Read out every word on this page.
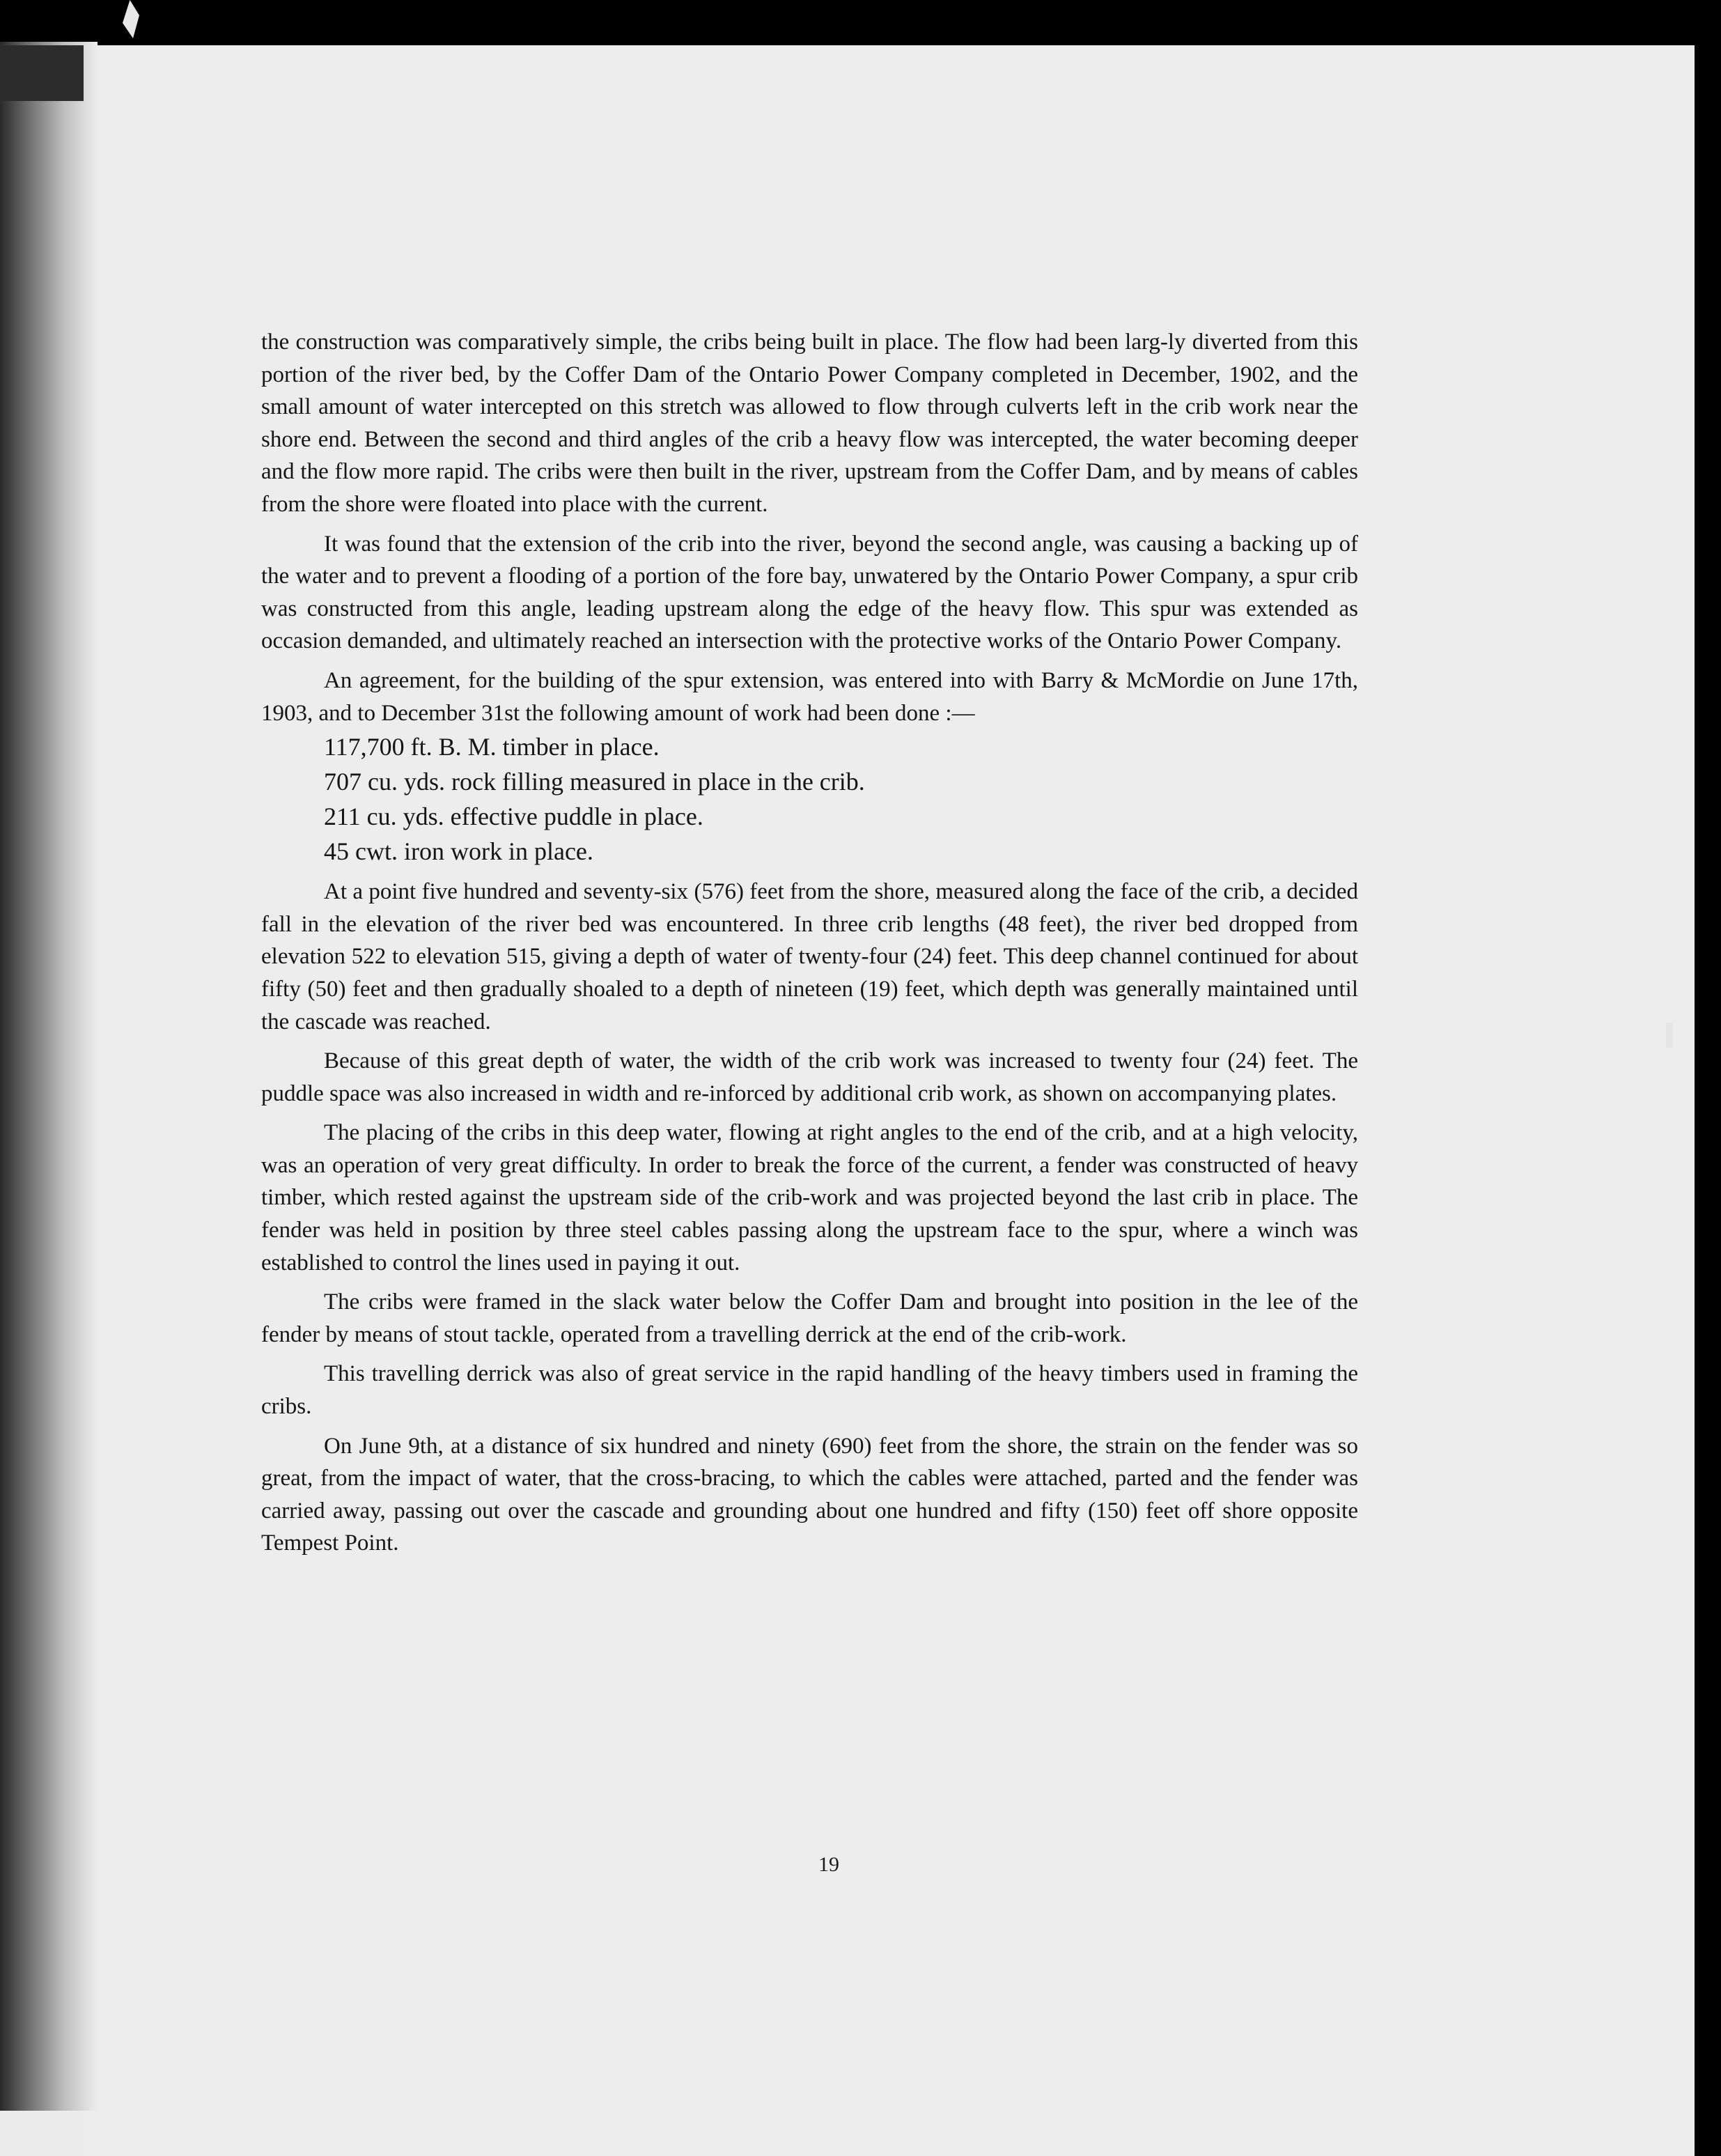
the construction was comparatively simple, the cribs being built in place. The flow had been larg-ly diverted from this portion of the river bed, by the Coffer Dam of the Ontario Power Company completed in December, 1902, and the small amount of water intercepted on this stretch was allowed to flow through culverts left in the crib work near the shore end. Between the second and third angles of the crib a heavy flow was intercepted, the water becoming deeper and the flow more rapid. The cribs were then built in the river, upstream from the Coffer Dam, and by means of cables from the shore were floated into place with the current.

It was found that the extension of the crib into the river, beyond the second angle, was causing a backing up of the water and to prevent a flooding of a portion of the fore bay, unwatered by the Ontario Power Company, a spur crib was constructed from this angle, leading upstream along the edge of the heavy flow. This spur was extended as occasion demanded, and ultimately reached an intersection with the protective works of the Ontario Power Company.

An agreement, for the building of the spur extension, was entered into with Barry & McMordie on June 17th, 1903, and to December 31st the following amount of work had been done :—

117,700 ft. B. M. timber in place.

707 cu. yds. rock filling measured in place in the crib.

211 cu. yds. effective puddle in place.

45 cwt. iron work in place.

At a point five hundred and seventy-six (576) feet from the shore, measured along the face of the crib, a decided fall in the elevation of the river bed was encountered. In three crib lengths (48 feet), the river bed dropped from elevation 522 to elevation 515, giving a depth of water of twenty-four (24) feet. This deep channel continued for about fifty (50) feet and then gradually shoaled to a depth of nineteen (19) feet, which depth was generally maintained until the cascade was reached.

Because of this great depth of water, the width of the crib work was increased to twenty four (24) feet. The puddle space was also increased in width and re-inforced by additional crib work, as shown on accompanying plates.

The placing of the cribs in this deep water, flowing at right angles to the end of the crib, and at a high velocity, was an operation of very great difficulty. In order to break the force of the current, a fender was constructed of heavy timber, which rested against the upstream side of the crib-work and was projected beyond the last crib in place. The fender was held in position by three steel cables passing along the upstream face to the spur, where a winch was established to control the lines used in paying it out.

The cribs were framed in the slack water below the Coffer Dam and brought into position in the lee of the fender by means of stout tackle, operated from a travelling derrick at the end of the crib-work.

This travelling derrick was also of great service in the rapid handling of the heavy timbers used in framing the cribs.

On June 9th, at a distance of six hundred and ninety (690) feet from the shore, the strain on the fender was so great, from the impact of water, that the cross-bracing, to which the cables were attached, parted and the fender was carried away, passing out over the cascade and grounding about one hundred and fifty (150) feet off shore opposite Tempest Point.

19
